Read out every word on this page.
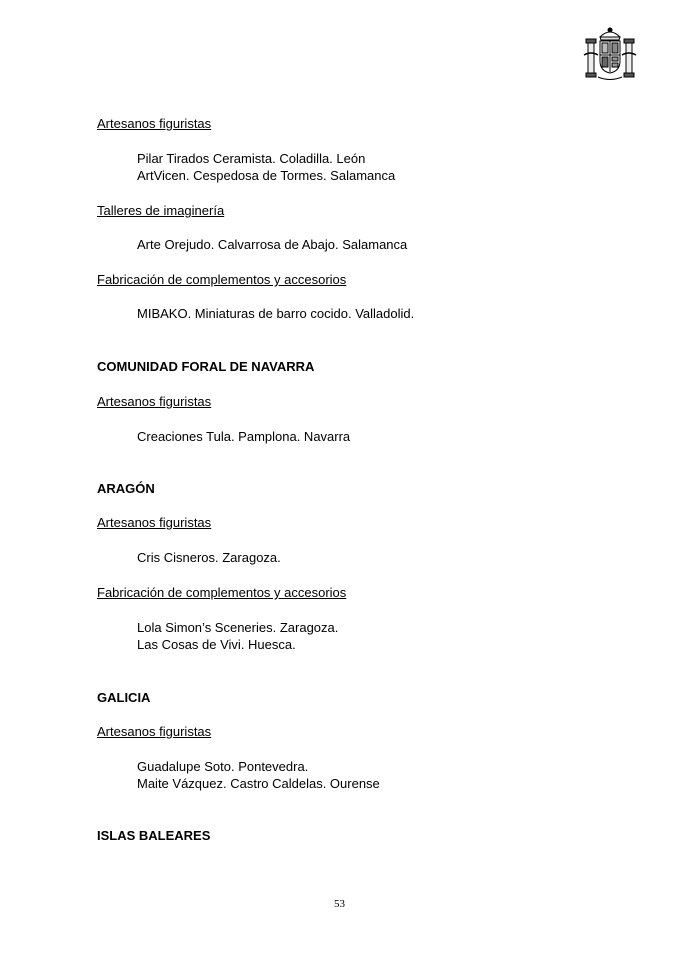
Artesanos figuristas
Pilar Tirados Ceramista. Coladilla. León
ArtVicen. Cespedosa de Tormes. Salamanca
Talleres de imaginería
Arte Orejudo. Calvarrosa de Abajo. Salamanca
Fabricación de complementos y accesorios
MIBAKO. Miniaturas de barro cocido. Valladolid.
COMUNIDAD FORAL DE NAVARRA
Artesanos figuristas
Creaciones Tula. Pamplona. Navarra
ARAGÓN
Artesanos figuristas
Cris Cisneros. Zaragoza.
Fabricación de complementos y accesorios
Lola Simon’s Sceneries. Zaragoza.
Las Cosas de Vivi. Huesca.
GALICIA
Artesanos figuristas
Guadalupe Soto. Pontevedra.
Maite Vázquez. Castro Caldelas. Ourense
ISLAS BALEARES
53
